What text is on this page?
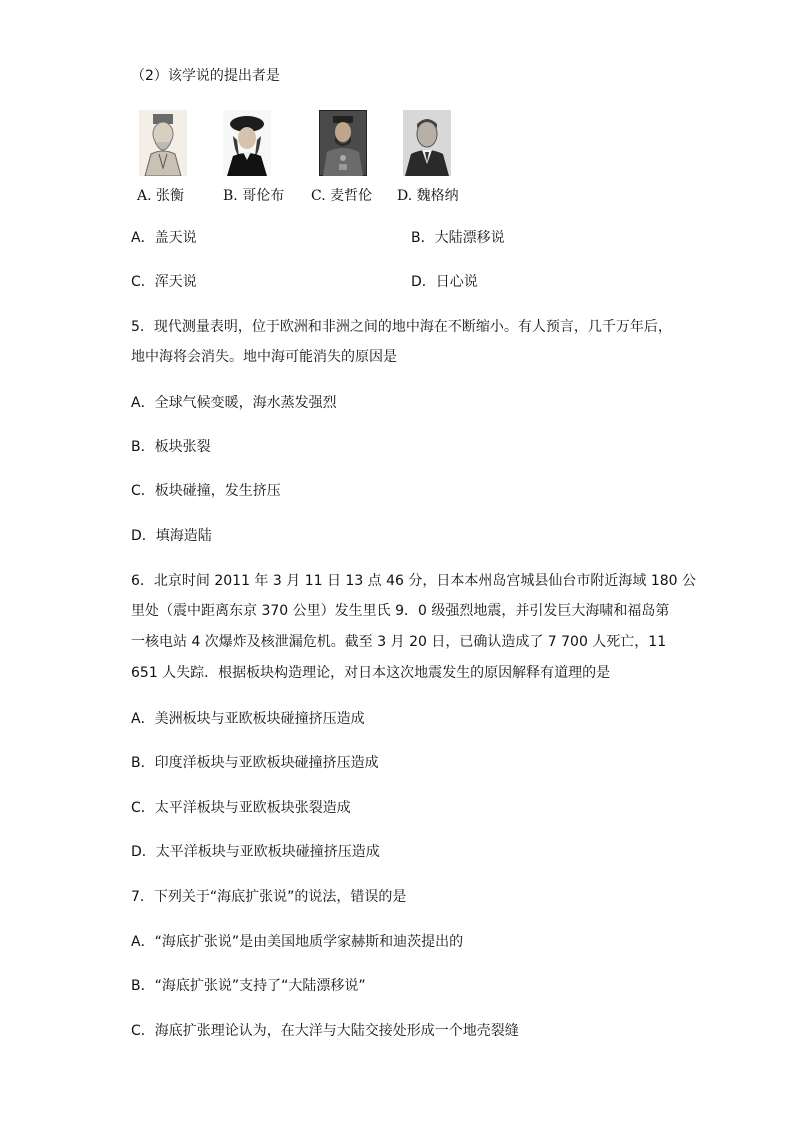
（2）该学说的提出者是
A. 张衡	B. 哥伦布 C. 麦哲伦 D. 魏格纳
A．盖天说	B．大陆漂移说
C．浑天说	D．日心说
5．现代测量表明，位于欧洲和非洲之间的地中海在不断缩小。有人预言，几千万年后，
地中海将会消失。地中海可能消失的原因是
A．全球气候变暖，海水蒸发强烈
B．板块张裂
C．板块碰撞，发生挤压
D．填海造陆
6．北京时间 2011 年 3 月 11 日 13 点 46 分，日本本州岛宫城县仙台市附近海域 180 公
里处（震中距离东京 370 公里）发生里氏 9．0 级强烈地震，并引发巨大海啸和福岛第
一核电站 4 次爆炸及核泄漏危机。截至 3 月 20 日，已确认造成了 7 700 人死亡，11
651 人失踪．根据板块构造理论，对日本这次地震发生的原因解释有道理的是
A．美洲板块与亚欧板块碰撞挤压造成
B．印度洋板块与亚欧板块碰撞挤压造成
C．太平洋板块与亚欧板块张裂造成
D．太平洋板块与亚欧板块碰撞挤压造成
7．下列关于“海底扩张说”的说法，错误的是
A．“海底扩张说”是由美国地质学家赫斯和迪茨提出的
B．“海底扩张说”支持了“大陆漂移说”
C．海底扩张理论认为，在大洋与大陆交接处形成一个地壳裂缝
